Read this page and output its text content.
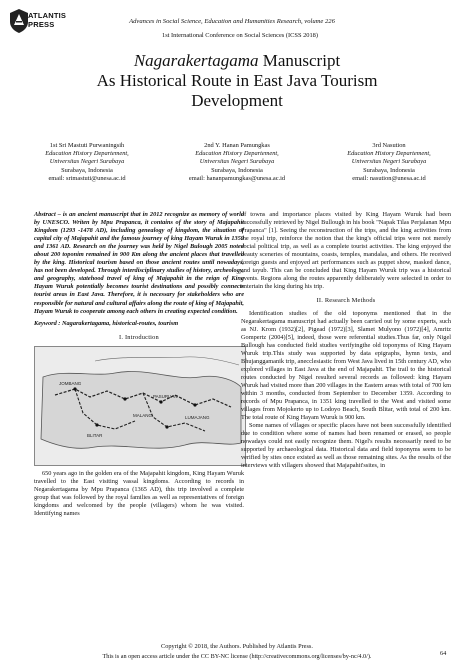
ATLANTIS
PRESS	Advances in Social Science, Education and Humanities Research, volume 226
1st International Conference on Social Sciences (ICSS 2018)
Nagarakertagama Manuscript
As Historical Route in East Java Tourism
Development
1st Sri Mastuti Purwaningsih
Education History Departement,
Universitas Negeri Surabaya
Surabaya, Indonesia
email: srimastuti@unesa.ac.id
2nd Y. Hanan Pamungkas
Education History Departement,
Universitas Negeri Surabaya
Surabaya, Indonesia
email: hananpamungkas@unesa.ac.id
3rd Nasution
Education History Departement,
Universitas Negeri Surabaya
Surabaya, Indonesia
email: nasution@unesa.ac.id
Abstract – is an ancient manuscript that in 2012 recognize as memory of world by UNESCO. Writen by Mpu Prapanca, it contains of the story of Majapahit Kingdom (1293 -1478 AD), including genealogy of kingdom, the situation of capital city of Majapahit and the famous journey of king Hayam Wuruk in 1359 and 1361 AD. Research on the journey was held by Nigel Bulough 2005 noted about 200 toponim remained in 900 Km along the ancient places that travelled by the king. Historical tourism based on those ancient routes until nowadays, has not been developed. Through interdisciplinary studies of history, archeology, and geography, statehood travel of king of Majapahit in the reign of King Hayam Wuruk potentially becomes tourist destinations and possibly connects tourist areas in East Java. Therefore, it is necessary for stakeholders who are responsible for natural and cultural affairs along the route of king of Majapahit, Hayam Wuruk to cooperate among each others in creating expected condition.
Keyword : Nagarakertagama, historical-routes, tourism
I. Introduction
JOMBANG
PASURUAN
MALANG	LUMAJANG
BLITAR

650 years ago in the golden era of the Majapahit kingdom, King Hayam Wuruk travelled to the East visiting vassal kingdoms. According to records in Negarakertagama by Mpu Prapanca (1365 AD), this trip involved a complete group that was followed by the royal families as well as representatives of foreign kingdoms and welcomed by the people (villagers) whom he was visited. Identifying names

of towns and importance places visited by King Hayam Wuruk had been successfully retrieved by Nigel Bullough in his book "Napak Tilas Perjalanan Mpu Prapanca" [1]. Seeing the reconstruction of the trips, and the king activities from the royal trip, reinforce the notion that the king's official trips were not merely social political trip, as well as a complete tourist activities. The king enjoyed the beauty sceneries of mountains, coasts, temples, mandalas, and others. He received foreign guests and enjoyed art performances such as puppet show, masked dance, and tayub. This can be concluded that King Hayam Wuruk trip was a historical events. Regions along the routes apparently deliberately were selected in order to entertain the king during his trip.

II. Research Methods

Identification studies of the old toponyms mentioned that in the Negarakertagama manuscript had actually been carried out by some experts, such as NJ. Krom (1932)[2], Pigead (1972)[3], Slamet Mulyono (1972)[4], Amritz Gompertz (2004)[5], indeed, those were referential studies.Thus far, only Nigel Bullough has conducted field studies verifyingthe old toponyms of King Hayam Wuruk trip.This study was supported by data epigraphs, hymn texts, and Bhujanggamanik trip, anecclesiastic from West Java lived in 15th century AD, who explored villages in East Java at the end of Majapahit. The trail to the historical routes conducted by Nigel resulted several records as followed: king Hayam Wuruk had visited more than 200 villages in the Eastern areas with total of 700 km within 3 months, conducted from September to December 1359. According to records of Mpu Prapanca, in 1351 king travelled to the West and visited some villages from Mojokerto up to Lodoyo Beach, South Blitar, with total of 200 km. The total route of King Hayam Wuruk is 900 km.

Some names of villages or specific places have not been successfully identified due to condition where some of names had been renamed or erased, so people nowadays could not easily recognize them. Nigel's results necessarily need to be supported by archaeological data. Historical data and field toponyms seem to be verified by sites once existed as well as those remaining sites. As the results of the interviews with villagers showed that Majapahit'ssites, in

Copyright © 2018, the Authors. Published by Atlantis Press.
This is an open access article under the CC BY-NC license (http://creativecommons.org/licenses/by-nc/4.0/).	64
